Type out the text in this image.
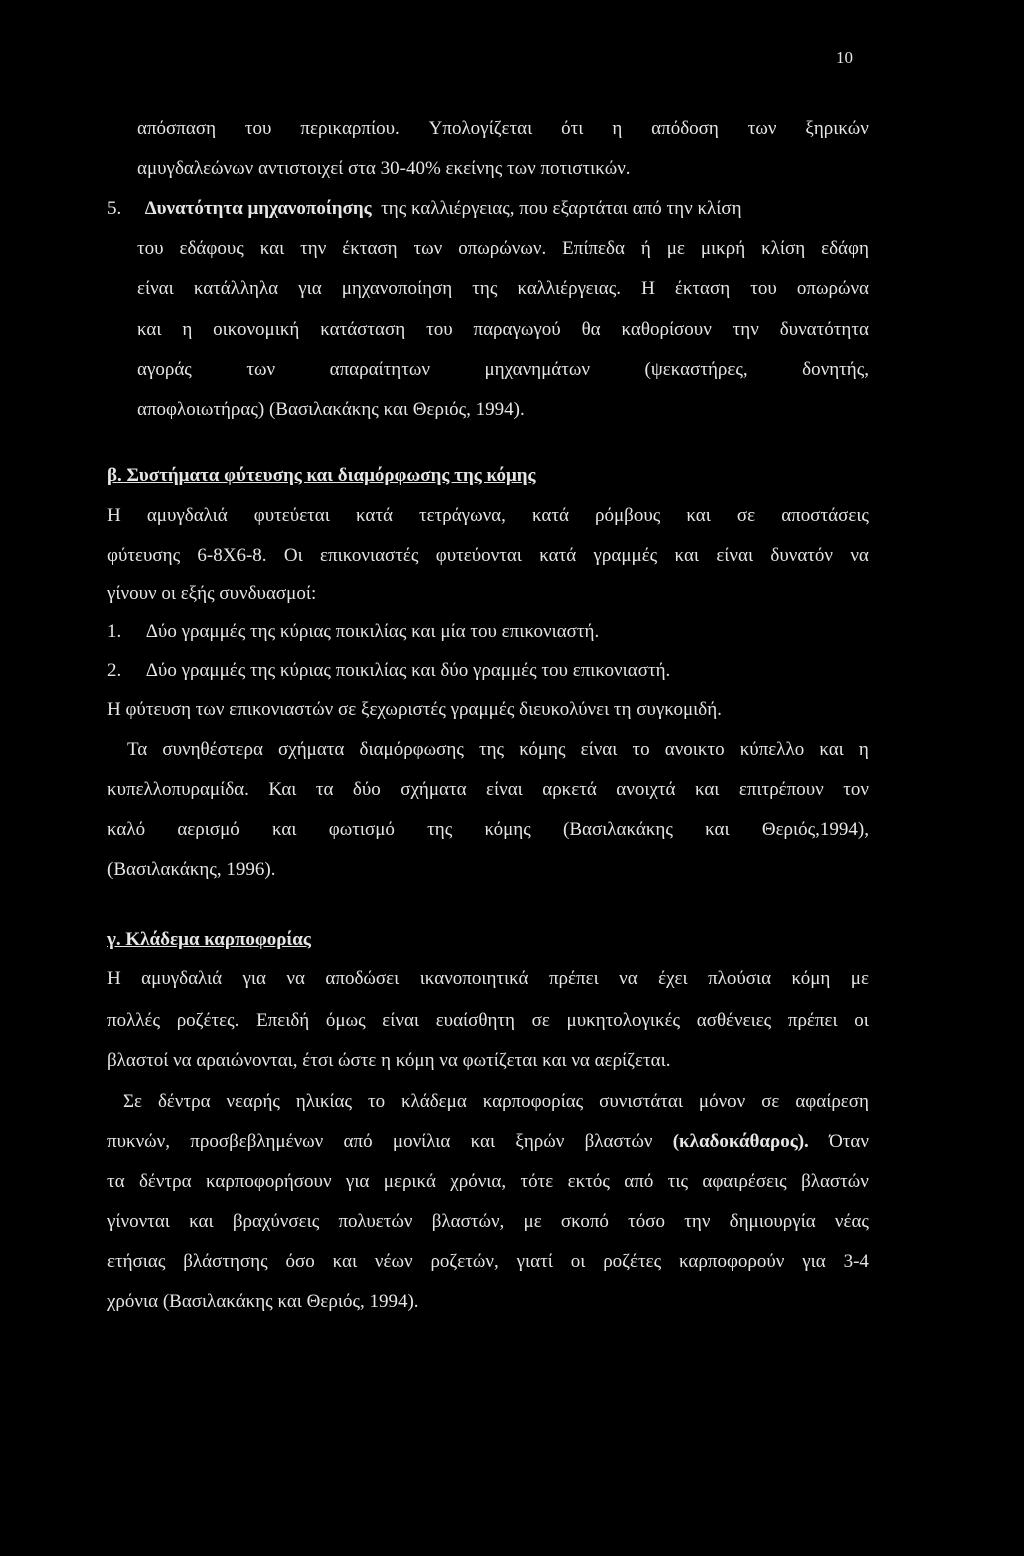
10
απόσπαση του περικαρπίου. Υπολογίζεται ότι η απόδοση των ξηρικών
αμυγδαλεώνων αντιστοιχεί στα 30-40% εκείνης των ποτιστικών.
5. Δυνατότητα μηχανοποίησης  της καλλιέργειας, που εξαρτάται από την κλίση
του εδάφους και την έκταση των οπωρώνων. Επίπεδα ή με μικρή κλίση εδάφη
είναι κατάλληλα για μηχανοποίηση της καλλιέργειας. Η έκταση του οπωρώνα
και η οικονομική κατάσταση του παραγωγού θα καθορίσουν την δυνατότητα
αγοράς	των	απαραίτητων	μηχανημάτων	(ψεκαστήρες,	δονητής,
αποφλοιωτήρας) (Βασιλακάκης και Θεριός, 1994).
β. Συστήματα φύτευσης και διαμόρφωσης της κόμης
Η αμυγδαλιά φυτεύεται κατά τετράγωνα, κατά ρόμβους και σε αποστάσεις
φύτευσης 6-8Χ6-8. Οι επικονιαστές φυτεύονται κατά γραμμές και είναι δυνατόν να
γίνουν οι εξής συνδυασμοί:
1. Δύο γραμμές της κύριας ποικιλίας και μία του επικονιαστή.
2. Δύο γραμμές της κύριας ποικιλίας και δύο γραμμές του επικονιαστή.
Η φύτευση των επικονιαστών σε ξεχωριστές γραμμές διευκολύνει τη συγκομιδή.
Τα συνηθέστερα σχήματα διαμόρφωσης της κόμης είναι το ανοικτο κύπελλο και η
κυπελλοπυραμίδα. Και τα δύο σχήματα είναι αρκετά ανοιχτά και επιτρέπουν τον
καλό αερισμό και φωτισμό της κόμης (Βασιλακάκης και Θεριός,1994),
(Βασιλακάκης, 1996).
γ. Κλάδεμα καρποφορίας
Η αμυγδαλιά για να αποδώσει ικανοποιητικά πρέπει να έχει πλούσια κόμη με
πολλές ροζέτες. Επειδή όμως είναι ευαίσθητη σε μυκητολογικές ασθένειες πρέπει οι
βλαστοί να αραιώνονται, έτσι ώστε η κόμη να φωτίζεται και να αερίζεται.
Σε δέντρα νεαρής ηλικίας το κλάδεμα καρποφορίας συνιστάται μόνον σε αφαίρεση
πυκνών, προσβεβλημένων από μονίλια και ξηρών βλαστών (κλαδοκάθαρος). Όταν
τα δέντρα καρποφορήσουν για μερικά χρόνια, τότε εκτός από τις αφαιρέσεις βλαστών
γίνονται και βραχύνσεις πολυετών βλαστών, με σκοπό τόσο την δημιουργία νέας
ετήσιας βλάστησης όσο και νέων ροζετών, γιατί οι ροζέτες καρποφορούν για 3-4
χρόνια (Βασιλακάκης και Θεριός, 1994).
